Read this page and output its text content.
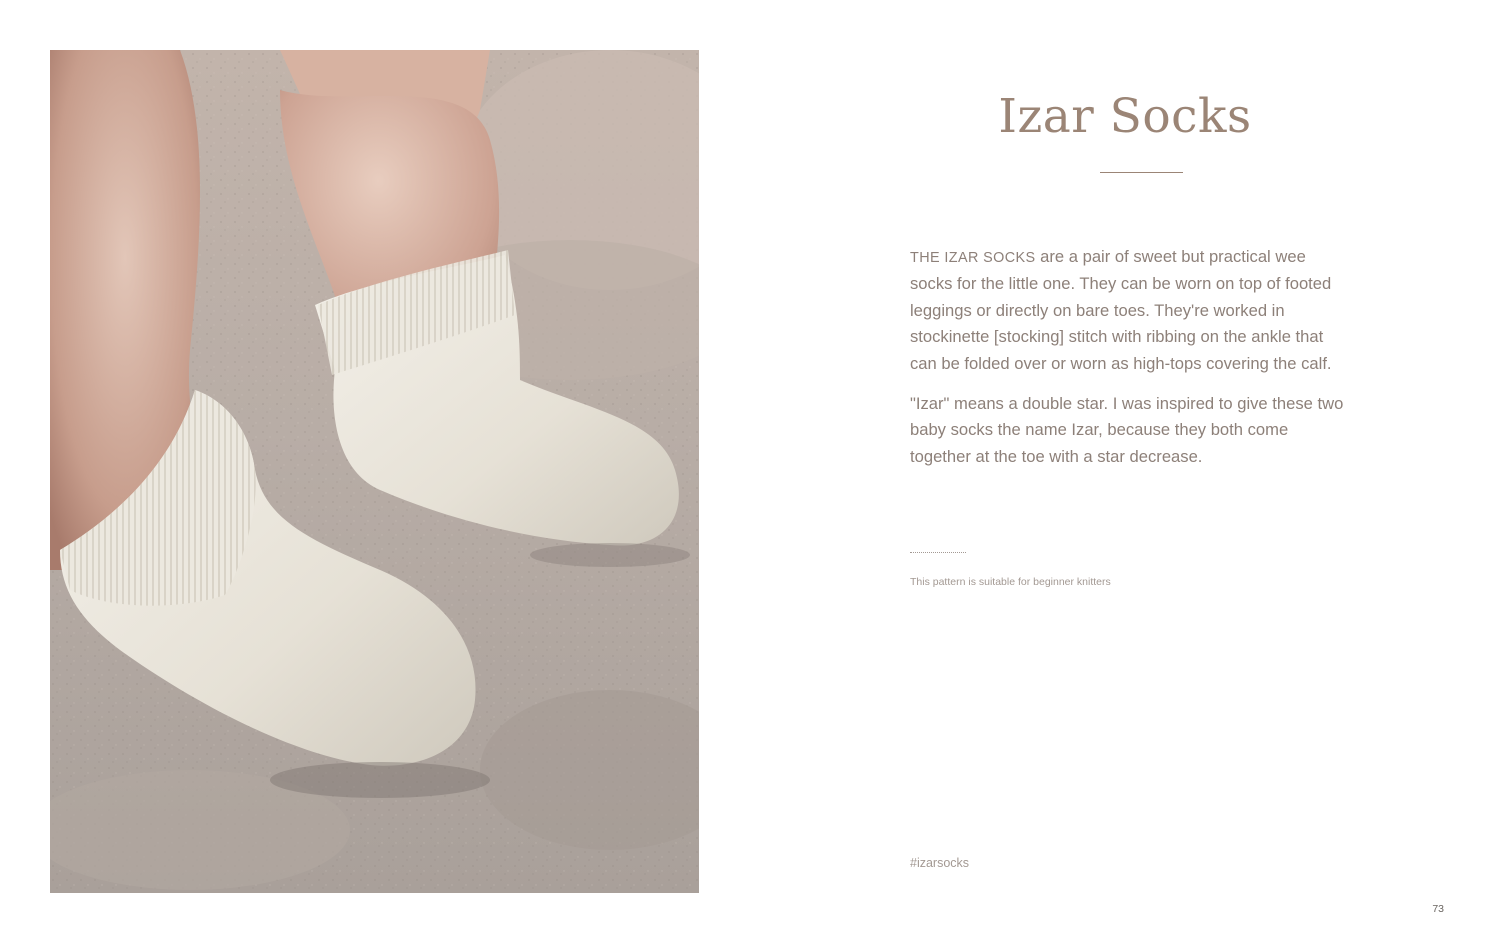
Izar Socks

THE IZAR SOCKS are a pair of sweet but practical wee socks for the little one. They can be worn on top of footed leggings or directly on bare toes. They're worked in stockinette [stocking] stitch with ribbing on the ankle that can be folded over or worn as high-tops covering the calf.

"Izar" means a double star. I was inspired to give these two baby socks the name Izar, because they both come together at the toe with a star decrease.

This pattern is suitable for beginner knitters
#izarsocks
73
